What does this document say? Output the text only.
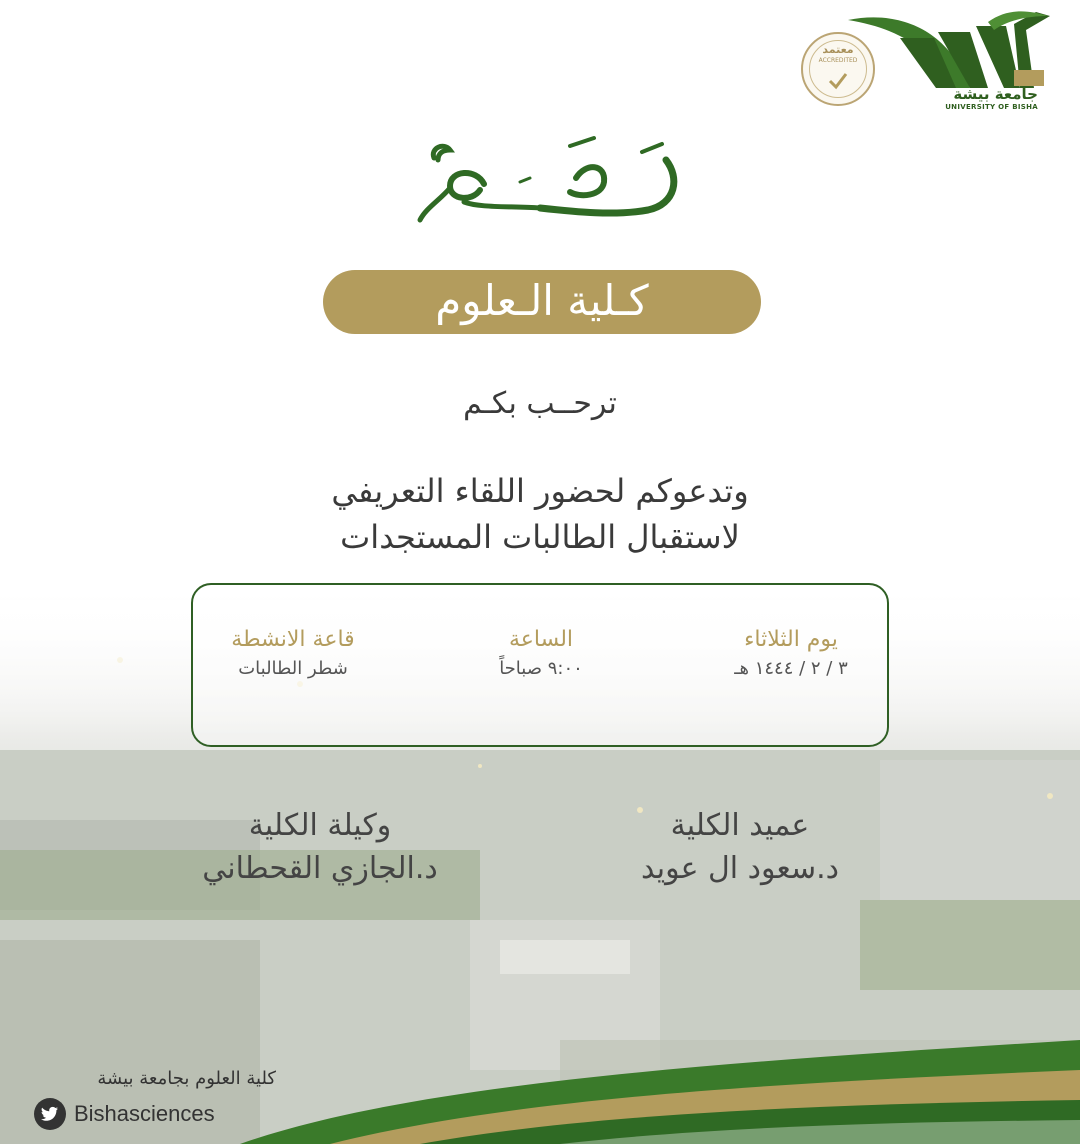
جامعة بيشة
UNIVERSITY OF BISHA
معتمد
ACCREDITED
كـلية الـعلوم
ترحــب بكـم
وتدعوكم لحضور اللقاء التعريفي
لاستقبال الطالبات المستجدات
يوم الثلاثاء
٣ / ٢ / ١٤٤٤ هـ
الساعة
٩:٠٠ صباحاً
قاعة الانشطة
شطر الطالبات
عميد الكلية
د.سعود ال عويد
وكيلة الكلية
د.الجازي القحطاني
كلية العلوم بجامعة بيشة
Bishasciences
